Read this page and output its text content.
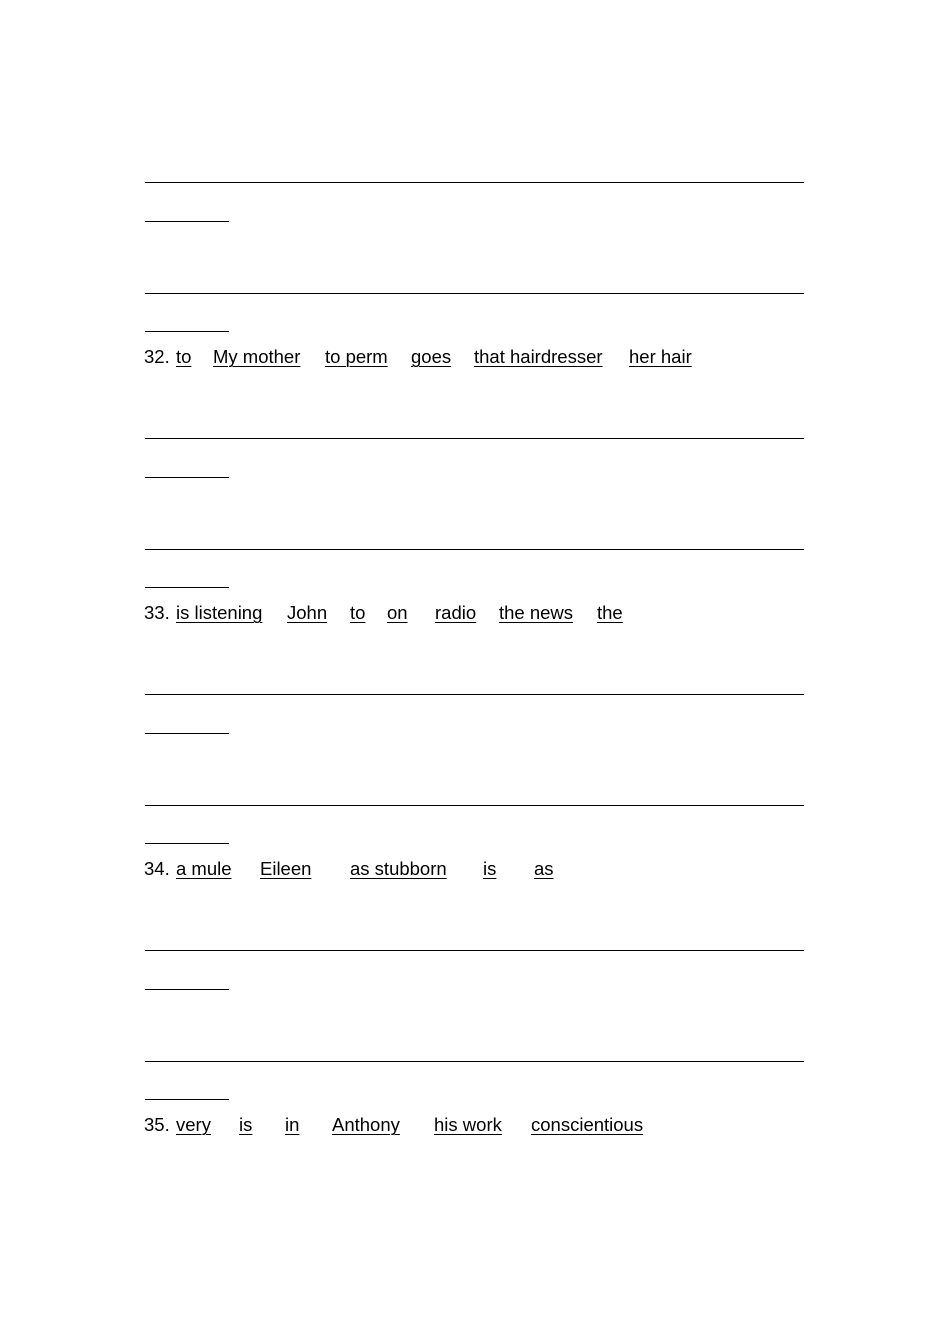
32. to My mother to perm goes that hairdresser her hair
33. is listening John to on radio the news the
34. a mule Eileen as stubborn is as
35. very is in Anthony his work conscientious
